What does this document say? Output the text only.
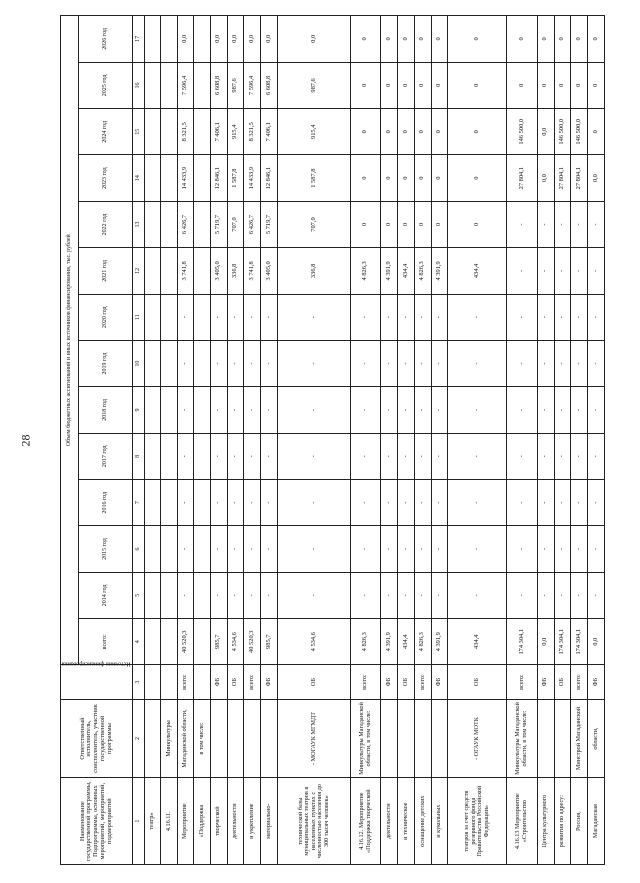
28
Наименование государственной программы, Подпрограммы, основных мероприятий, мероприятий, подмероприятий	Ответственный исполнитель, соисполнитель, участник государственной программы	Источник финансирования	Объем бюджетных ассигнований и иных источников финансирования, тыс. рублей													
			всего:	2014 год	2015 год	2016 год	2017 год	2018 год	2019 год	2020 год	2021 год	2022 год	2023 год	2024 год	2025 год	2026 год
1	2	3	4	5	6	7	8	9	10	11	12	13	14	15	16	17
театр»																
4.16.11.	Минкультуры															
Мероприятие	Магаданской области,	всего:	40 520,3	-	-	-	-	-	-	-	3 741,8	6 426,7	14 433,9	8 321,5	7 596,4	0,0
«Поддержка	в том числе:															
творческой		ФБ	985,7	-	-	-	-	-	-	-	3 405,0	5 719,7	12 846,1	7 406,1	6 608,8	0,0
деятельности		ОБ	4 534,6	-	-	-	-	-	-	-	336,8	707,0	1 587,8	915,4	987,6	0,0
и укрепление		всего:	40 520,3	-	-	-	-	-	-	-	3 741,8	6 426,7	14 433,9	8 321,5	7 596,4	0,0
материально-		ФБ	985,7	-	-	-	-	-	-	-	3 405,0	5 719,7	12 846,1	7 406,1	6 608,8	0,0
технической базы муниципальных театров в населенных пунктах с численностью населения до 300 тысяч человек»	- МОГАУК МГМДТ	ОБ	4 534,6	-	-	-	-	-	-	-	336,8	707,0	1 587,8	915,4	987,6	0,0
4.16.12. Мероприятие «Поддержка творческой	Минкультуры Магаданской области, в том числе:	всего:	4 826,3	-	-	-	-	-	-	-	4 826,3	0	0	0	0	0
деятельности		ФБ	4 391,9	-	-	-	-	-	-	-	4 391,9	0	0	0	0	0
и техническое		ОБ	434,4	-	-	-	-	-	-	-	434,4	0	0	0	0	0
оснащение детских		всего:	4 826,3	-	-	-	-	-	-	-	4 826,3	0	0	0	0	0
и кукольных		ФБ	4 391,9	-	-	-	-	-	-	-	4 391,9	0	0	0	0	0
театров за счет средств резервного фонда Правительства Российской Федерации»	- ОГАУК МОТК	ОБ	434,4	-	-	-	-	-	-	-	434,4	0	0	0	0	0
4.16.13 Мероприятие «Строительство	Минкультуры Магаданской области, в том числе:	всего:	174 304,1	-	-	-	-	-	-	-	-	-	27 804,1	146 500,0	0	0
Центра культурного		ФБ	0,0	-	-	-	-	-	-	-	-	-	0,0	0,0	0	0
развития по адресу:		ОБ	174 304,1	-	-	-	-	-	-	-	-	-	27 804,1	146 500,0	0	0
Россия,	Минстрой Магаданской	всего:	174 304,1	-	-	-	-	-	-	-	-	-	27 804,1	146 500,0	0	0
Магаданская	области,	ФБ	0,0	-	-	-	-	-	-	-	-	-	0,0	0	0	0
